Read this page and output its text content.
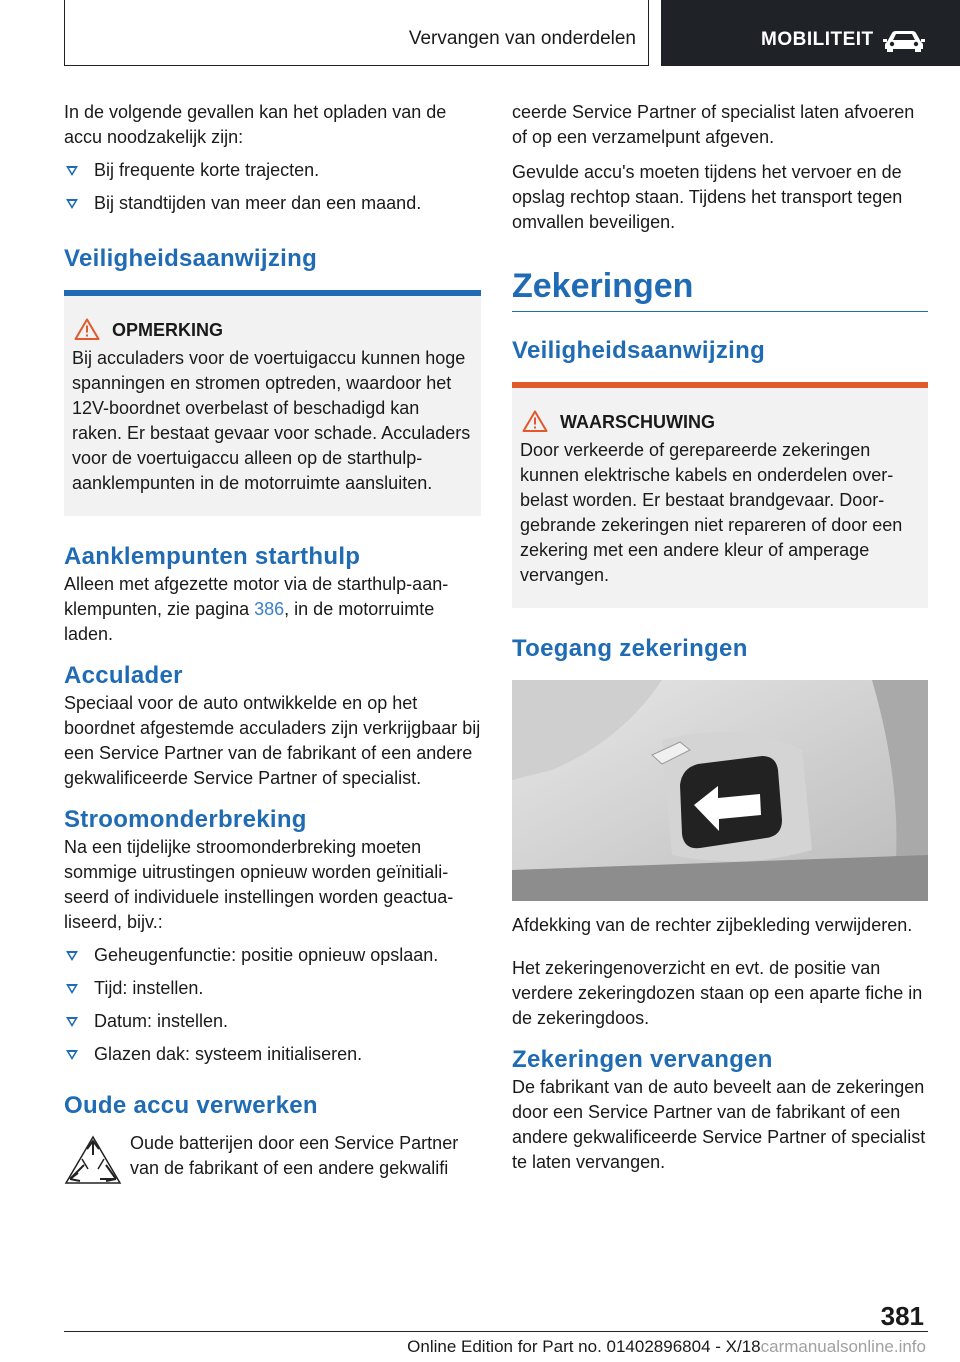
Vervangen van onderdelen	MOBILITEIT

In de volgende gevallen kan het opladen van de accu noodzakelijk zijn:

Bij frequente korte trajecten.
Bij standtijden van meer dan een maand.
Veiligheidsaanwijzing
OPMERKING

Bij acculaders voor de voertuigaccu kunnen hoge spanningen en stromen optreden, waardoor het 12V-boordnet overbelast of beschadigd kan raken. Er bestaat gevaar voor schade. Acculaders voor de voertuigaccu alleen op de starthulp-aanklempunten in de motorruimte aansluiten.

Aanklempunten starthulp

Alleen met afgezette motor via de starthulp-aanklempunten, zie pagina 386, in de motorruimte laden.

Acculader

Speciaal voor de auto ontwikkelde en op het boordnet afgestemde acculaders zijn verkrijgbaar bij een Service Partner van de fabrikant of een andere gekwalificeerde Service Partner of specialist.

Stroomonderbreking

Na een tijdelijke stroomonderbreking moeten sommige uitrustingen opnieuw worden geïnitialiseerd of individuele instellingen worden geactualiseerd, bijv.:

Geheugenfunctie: positie opnieuw opslaan.
Tijd: instellen.
Datum: instellen.
Glazen dak: systeem initialiseren.
Oude accu verwerken

Oude batterijen door een Service Partner van de fabrikant of een andere gekwalifi

ceerde Service Partner of specialist laten afvoeren of op een verzamelpunt afgeven.

Gevulde accu's moeten tijdens het vervoer en de opslag rechtop staan. Tijdens het transport tegen omvallen beveiligen.

Zekeringen
Veiligheidsaanwijzing
WAARSCHUWING

Door verkeerde of gerepareerde zekeringen kunnen elektrische kabels en onderdelen overbelast worden. Er bestaat brandgevaar. Doorgebrande zekeringen niet repareren of door een zekering met een andere kleur of amperage vervangen.

Toegang zekeringen

Afdekking van de rechter zijbekleding verwijderen.

Het zekeringenoverzicht en evt. de positie van verdere zekeringdozen staan op een aparte fiche in de zekeringdoos.

Zekeringen vervangen

De fabrikant van de auto beveelt aan de zekeringen door een Service Partner van de fabrikant of een andere gekwalificeerde Service Partner of specialist te laten vervangen.

381
Online Edition for Part no. 01402896804 - X/18carmanualsonline.info
